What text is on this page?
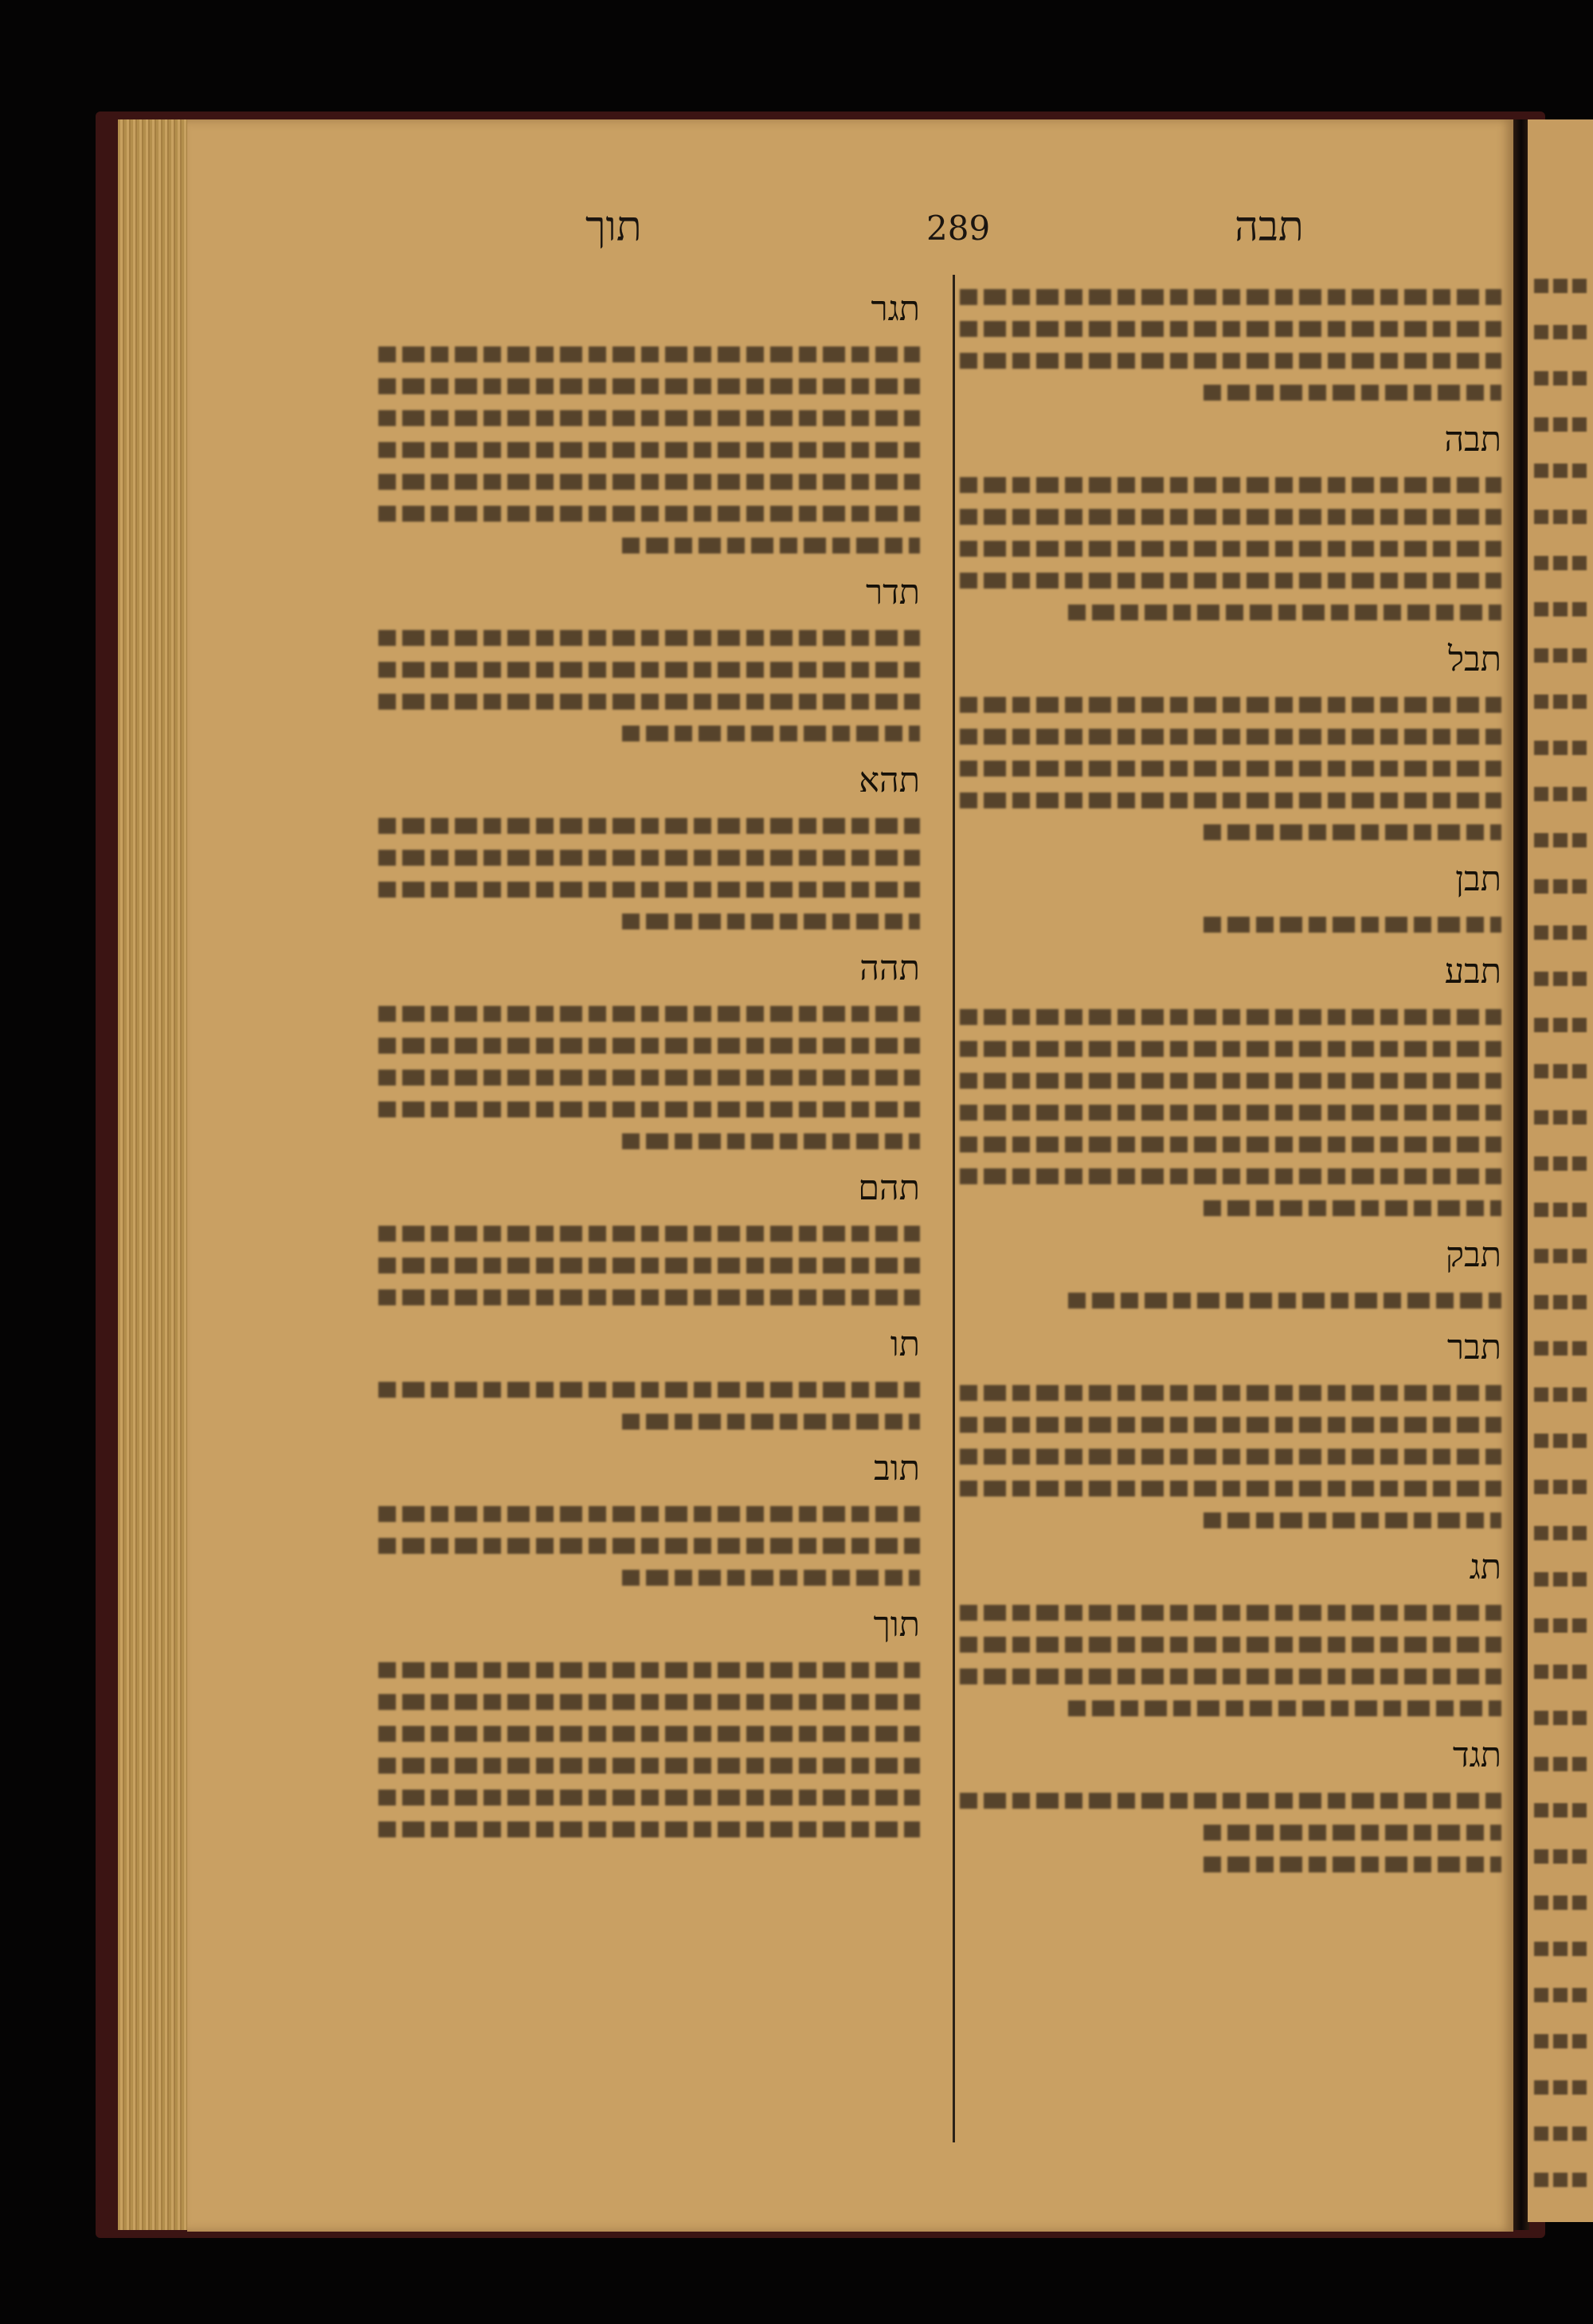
תבה
289
תוך
תבה
תבל
תבן
תבע
תבק
תבר
תג
תגד
תגר
תדר
תהא
תהה
תהם
תו
תוב
תוך
